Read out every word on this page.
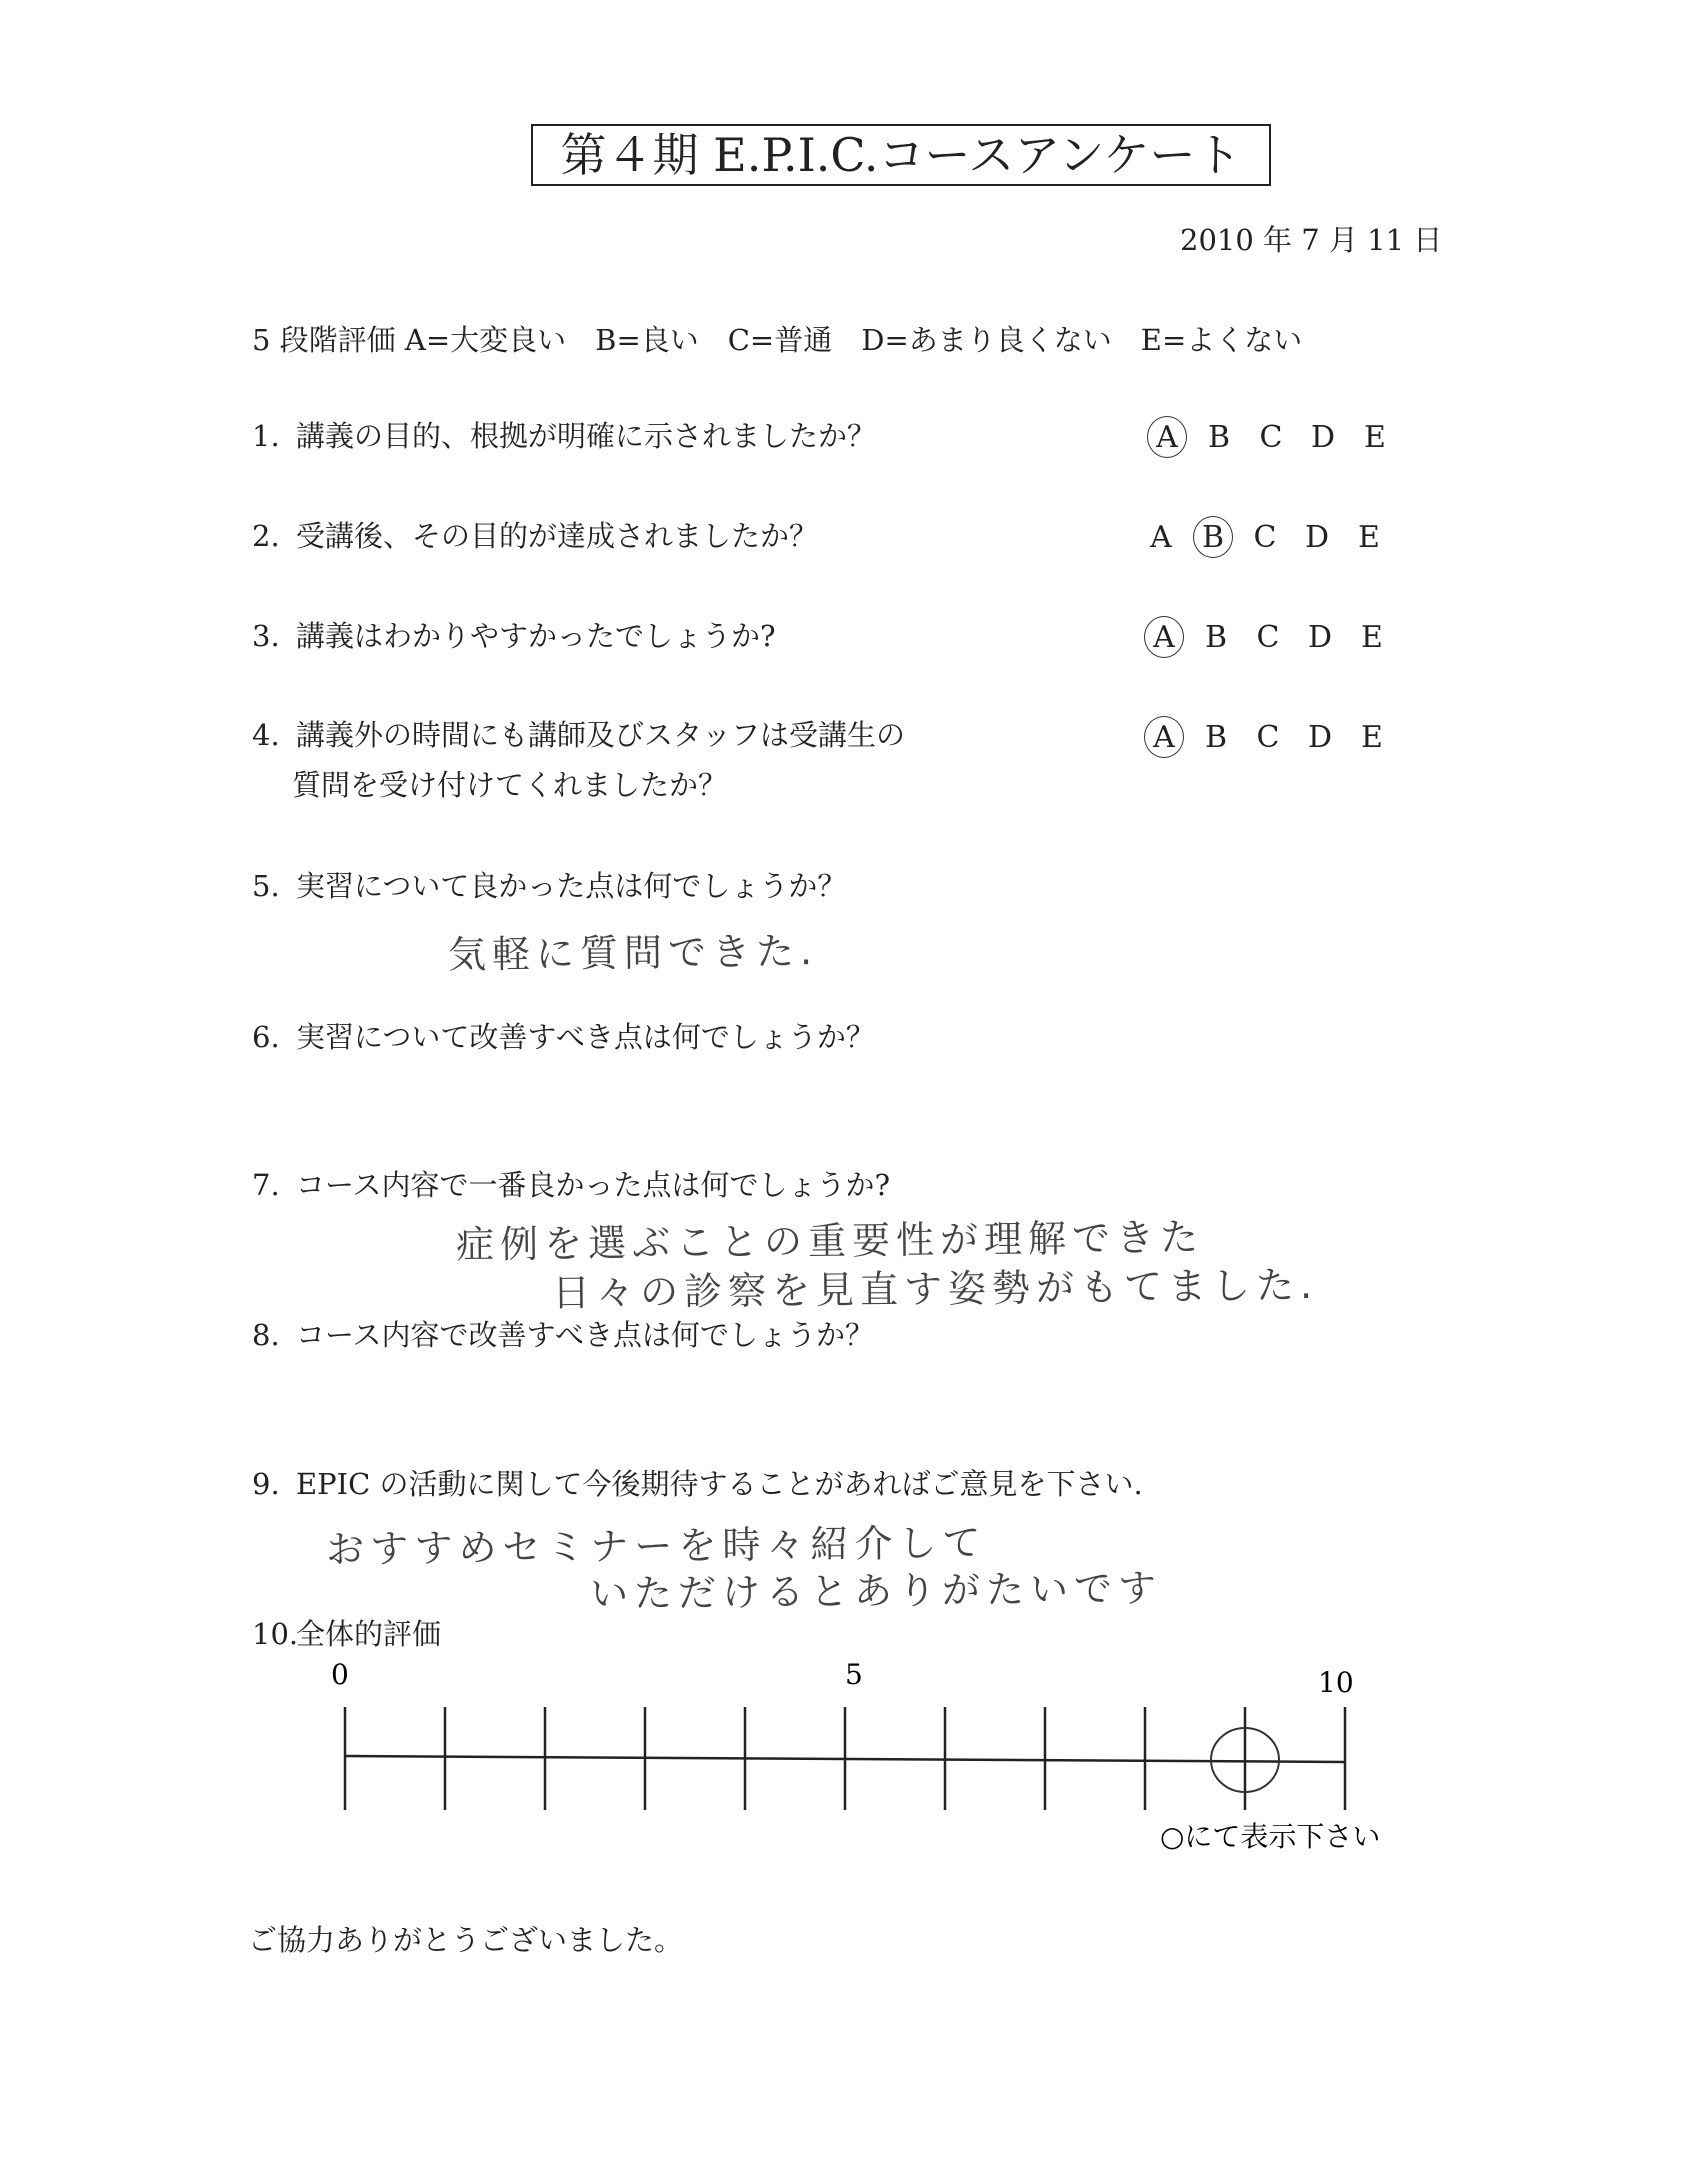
第４期 E.P.I.C.コースアンケート
2010 年 7 月 11 日
5 段階評価 A=大変良い　B=良い　C=普通　D=あまり良くない　E=よくない
1. 講義の目的、根拠が明確に示されましたか？	A	B C D E
2. 受講後、その目的が達成されましたか？	A	B C D E
3. 講義はわかりやすかったでしょうか?	A	B C D E
4. 講義外の時間にも講師及びスタッフは受講生の
質問を受け付けてくれましたか？
A	B C D E
5. 実習について良かった点は何でしょうか？
気軽に質問できた.
6. 実習について改善すべき点は何でしょうか？
7. コース内容で一番良かった点は何でしょうか?
症例を選ぶことの重要性が理解できた
日々の診察を見直す姿勢がもてました.
8. コース内容で改善すべき点は何でしょうか？
9. EPIC の活動に関して今後期待することがあればご意見を下さい.
おすすめセミナーを時々紹介して
いただけるとありがたいです
10.全体的評価
0	5	10
○にて表示下さい
ご協力ありがとうございました。
